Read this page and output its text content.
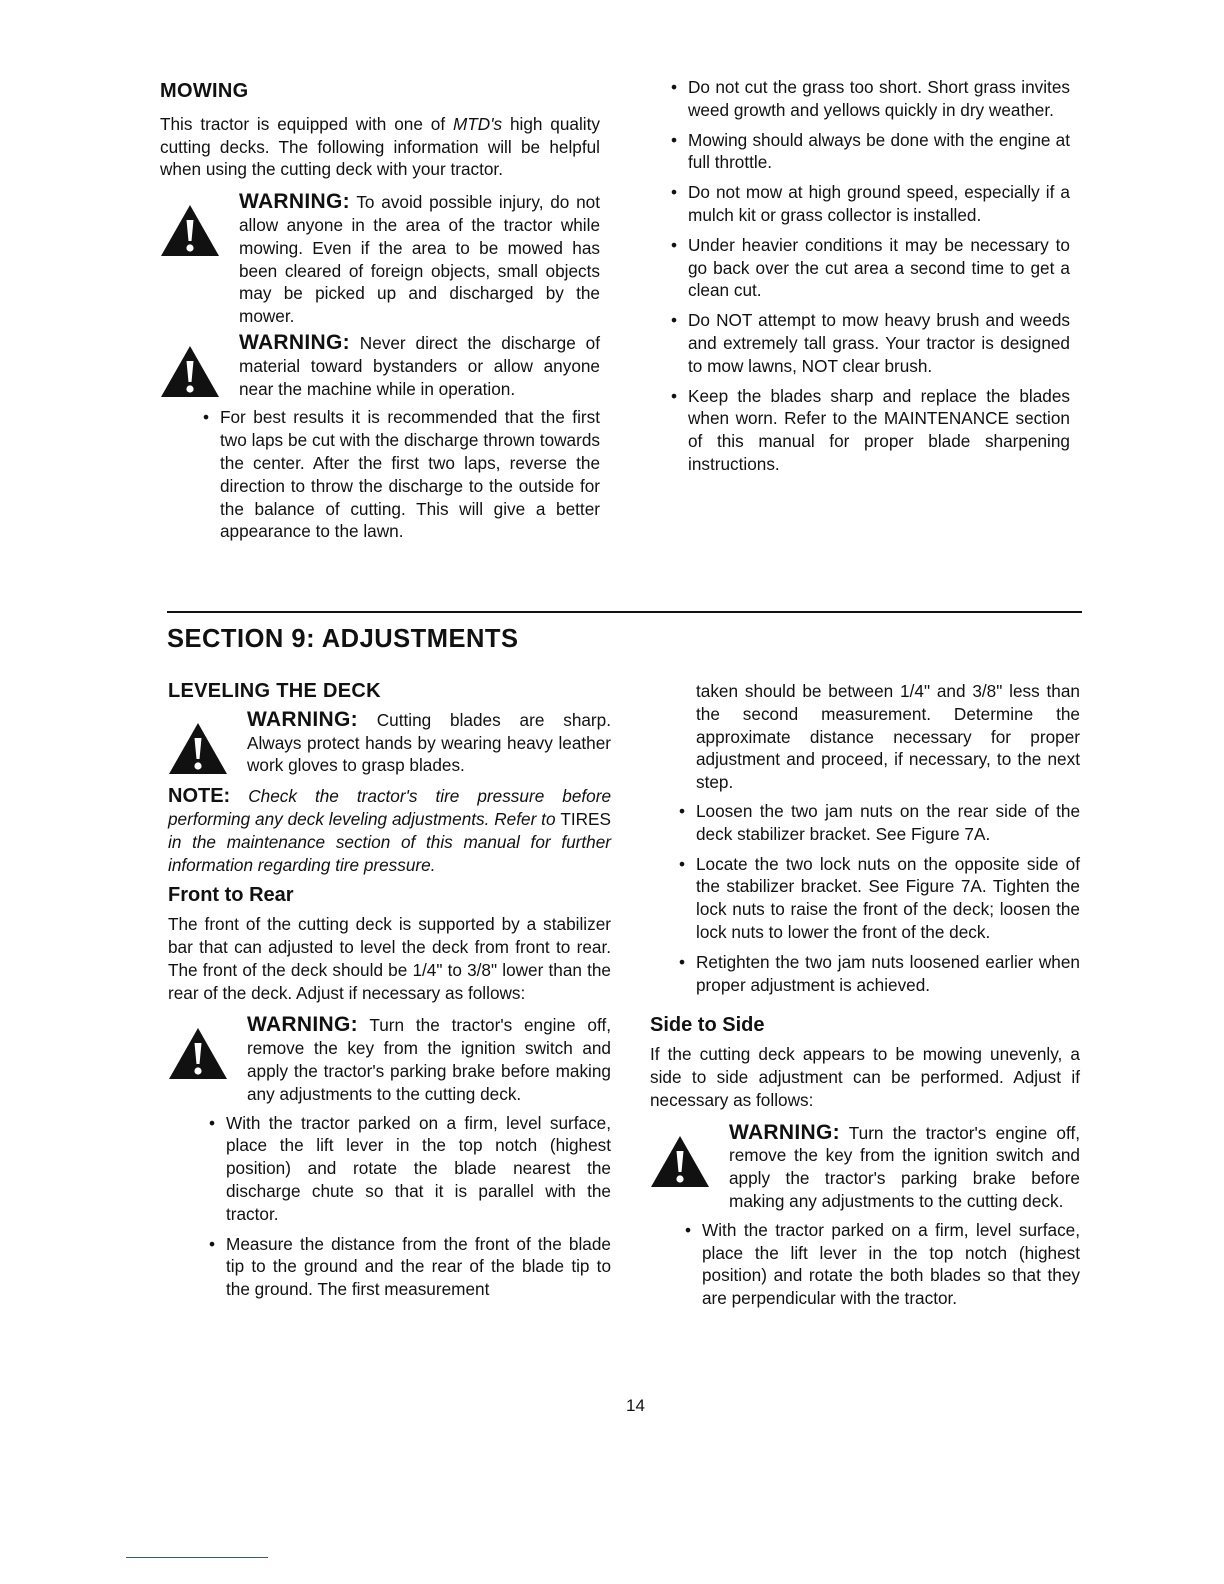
MOWING

This tractor is equipped with one of MTD's high quality cutting decks. The following information will be helpful when using the cutting deck with your tractor.

WARNING: To avoid possible injury, do not allow anyone in the area of the tractor while mowing. Even if the area to be mowed has been cleared of foreign objects, small objects may be picked up and discharged by the mower.
WARNING: Never direct the discharge of material toward bystanders or allow anyone near the machine while in operation.
• For best results it is recommended that the first two laps be cut with the discharge thrown towards the center. After the first two laps, reverse the direction to throw the discharge to the outside for the balance of cutting. This will give a better appearance to the lawn.
• Do not cut the grass too short. Short grass invites weed growth and yellows quickly in dry weather.
• Mowing should always be done with the engine at full throttle.
• Do not mow at high ground speed, especially if a mulch kit or grass collector is installed.
• Under heavier conditions it may be necessary to go back over the cut area a second time to get a clean cut.
• Do NOT attempt to mow heavy brush and weeds and extremely tall grass. Your tractor is designed to mow lawns, NOT clear brush.
• Keep the blades sharp and replace the blades when worn. Refer to the MAINTENANCE section of this manual for proper blade sharpening instructions.
SECTION 9: ADJUSTMENTS
LEVELING THE DECK
WARNING: Cutting blades are sharp. Always protect hands by wearing heavy leather work gloves to grasp blades.

NOTE: Check the tractor's tire pressure before performing any deck leveling adjustments. Refer to TIRES in the maintenance section of this manual for further information regarding tire pressure.

Front to Rear

The front of the cutting deck is supported by a stabilizer bar that can adjusted to level the deck from front to rear. The front of the deck should be 1/4" to 3/8" lower than the rear of the deck. Adjust if necessary as follows:

WARNING: Turn the tractor's engine off, remove the key from the ignition switch and apply the tractor's parking brake before making any adjustments to the cutting deck.
• With the tractor parked on a firm, level surface, place the lift lever in the top notch (highest position) and rotate the blade nearest the discharge chute so that it is parallel with the tractor.
• Measure the distance from the front of the blade tip to the ground and the rear of the blade tip to the ground. The first measurement

taken should be between 1/4" and 3/8" less than the second measurement. Determine the approximate distance necessary for proper adjustment and proceed, if necessary, to the next step.

• Loosen the two jam nuts on the rear side of the deck stabilizer bracket. See Figure 7A.
• Locate the two lock nuts on the opposite side of the stabilizer bracket. See Figure 7A. Tighten the lock nuts to raise the front of the deck; loosen the lock nuts to lower the front of the deck.
• Retighten the two jam nuts loosened earlier when proper adjustment is achieved.
Side to Side

If the cutting deck appears to be mowing unevenly, a side to side adjustment can be performed. Adjust if necessary as follows:

WARNING: Turn the tractor's engine off, remove the key from the ignition switch and apply the tractor's parking brake before making any adjustments to the cutting deck.
• With the tractor parked on a firm, level surface, place the lift lever in the top notch (highest position) and rotate the both blades so that they are perpendicular with the tractor.
14
